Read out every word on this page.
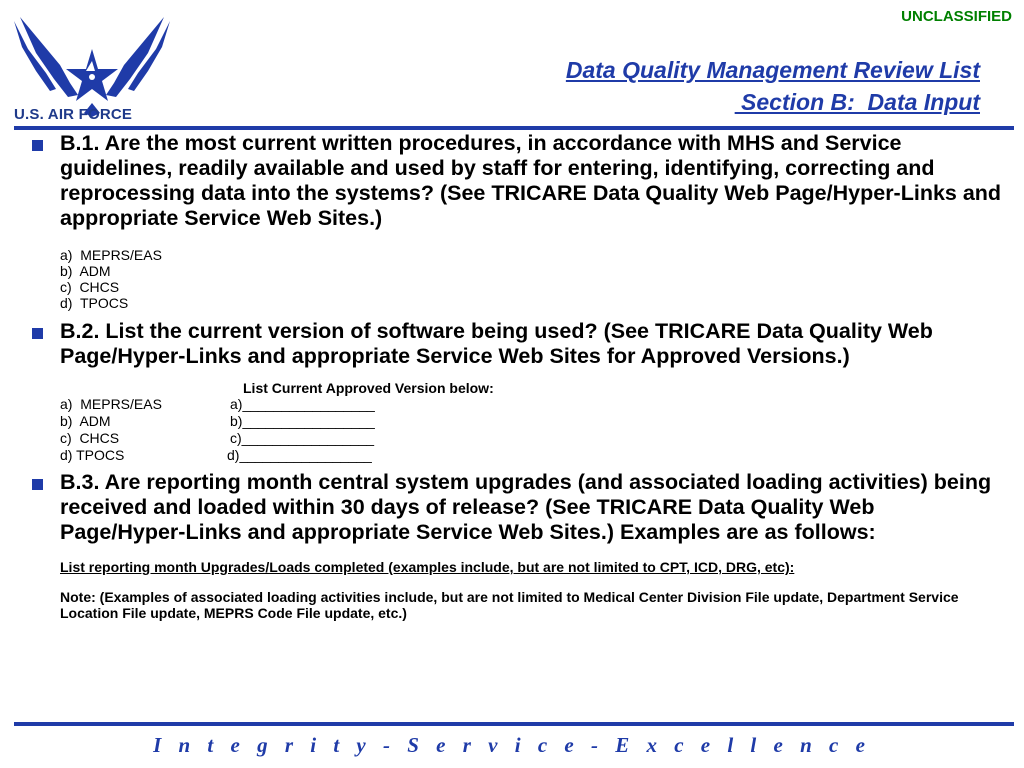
U.S. AIR FORCE
UNCLASSIFIED
Data Quality Management Review List
Section B:  Data Input
B.1. Are the most current written procedures, in accordance with MHS and Service guidelines, readily available and used by staff for entering, identifying, correcting and reprocessing data into the systems? (See TRICARE Data Quality Web Page/Hyper-Links and appropriate Service Web Sites.)
a)  MEPRS/EAS
b)  ADM
c)  CHCS
d)  TPOCS
B.2. List the current version of software being used? (See TRICARE Data Quality Web Page/Hyper-Links and appropriate Service Web Sites for Approved Versions.)
List Current Approved Version below:
a)  MEPRS/EAS	a)_________________
b)  ADM	b)_________________
c)  CHCS	c)_________________
d) TPOCS	d)_________________
B.3. Are reporting month central system upgrades (and associated loading activities) being received and loaded within 30 days of release? (See TRICARE Data Quality Web Page/Hyper-Links and appropriate Service Web Sites.) Examples are as follows:
List reporting month Upgrades/Loads completed (examples include, but are not limited to CPT, ICD, DRG, etc):
Note: (Examples of associated loading activities include, but are not limited to Medical Center Division File update, Department Service Location File update, MEPRS Code File update, etc.)
I n t e g r i t y - S e r v i c e - E x c e l l e n c e
